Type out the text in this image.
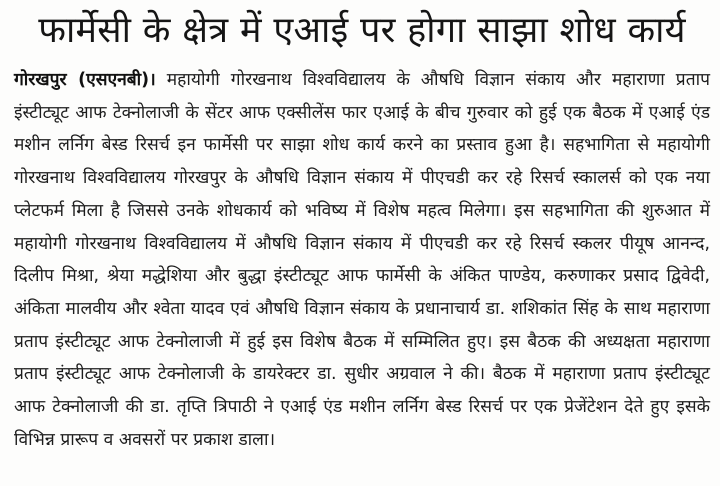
फार्मेसी के क्षेत्र में एआई पर होगा साझा शोध कार्य

गोरखपुर (एसएनबी)। महायोगी गोरखनाथ विश्वविद्यालय के औषधि विज्ञान संकाय और महाराणा प्रताप इंस्टीट्यूट आफ टेक्नोलाजी के सेंटर आफ एक्सीलेंस फार एआई के बीच गुरुवार को हुई एक बैठक में एआई एंड मशीन लर्निग बेस्ड रिसर्च इन फार्मेसी पर साझा शोध कार्य करने का प्रस्ताव हुआ है। सहभागिता से महायोगी गोरखनाथ विश्वविद्यालय गोरखपुर के औषधि विज्ञान संकाय में पीएचडी कर रहे रिसर्च स्कालर्स को एक नया प्लेटफर्म मिला है जिससे उनके शोधकार्य को भविष्य में विशेष महत्व मिलेगा। इस सहभागिता की शुरुआत में महायोगी गोरखनाथ विश्वविद्यालय में औषधि विज्ञान संकाय में पीएचडी कर रहे रिसर्च स्कलर पीयूष आनन्द, दिलीप मिश्रा, श्रेया मद्धेशिया और बुद्धा इंस्टीट्यूट आफ फार्मेसी के अंकित पाण्डेय, करुणाकर प्रसाद द्विवेदी, अंकिता मालवीय और श्वेता यादव एवं औषधि विज्ञान संकाय के प्रधानाचार्य डा. शशिकांत सिंह के साथ महाराणा प्रताप इंस्टीट्यूट आफ टेक्नोलाजी में हुई इस विशेष बैठक में सम्मिलित हुए। इस बैठक की अध्यक्षता महाराणा प्रताप इंस्टीट्यूट आफ टेक्नोलाजी के डायरेक्टर डा. सुधीर अग्रवाल ने की। बैठक में महाराणा प्रताप इंस्टीट्यूट आफ टेक्नोलाजी की डा. तृप्ति त्रिपाठी ने एआई एंड मशीन लर्निग बेस्ड रिसर्च पर एक प्रेजेंटेशन देते हुए इसके विभिन्न प्रारूप व अवसरों पर प्रकाश डाला।
